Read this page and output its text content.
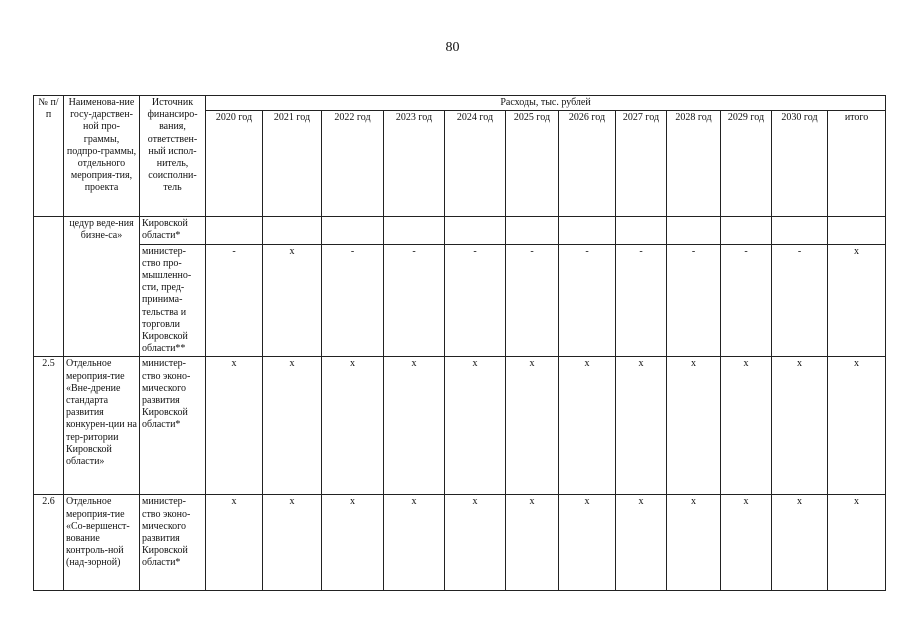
80
№ п/п	Наименова-ние госу-дарствен-ной про-граммы, подпро-граммы, отдельного мероприя-тия, проекта	Источник финансиро-вания, ответствен-ный испол-нитель, соисполни-тель	Расходы, тыс. рублей											
			2020 год	2021 год	2022 год	2023 год	2024 год	2025 год	2026 год	2027 год	2028 год	2029 год	2030 год	итого
	цедур веде-ния бизне-са»	Кировской области*												
		министер-ство про-мышленно-сти, пред-принима-тельства и торговли Кировской области**	-	x	-	-	-	-	-	-	-	-	-	x
2.5	Отдельное мероприя-тие «Вне-дрение стандарта развития конкурен-ции на тер-ритории Кировской области»	министер-ство эконо-мического развития Кировской области*	x	x	x	x	x	x	x	x	x	x	x	x
2.6	Отдельное мероприя-тие «Со-вершенст-вование контроль-ной (над-зорной)	министер-ство эконо-мического развития Кировской области*	x	x	x	x	x	x	x	x	x	x	x	x
